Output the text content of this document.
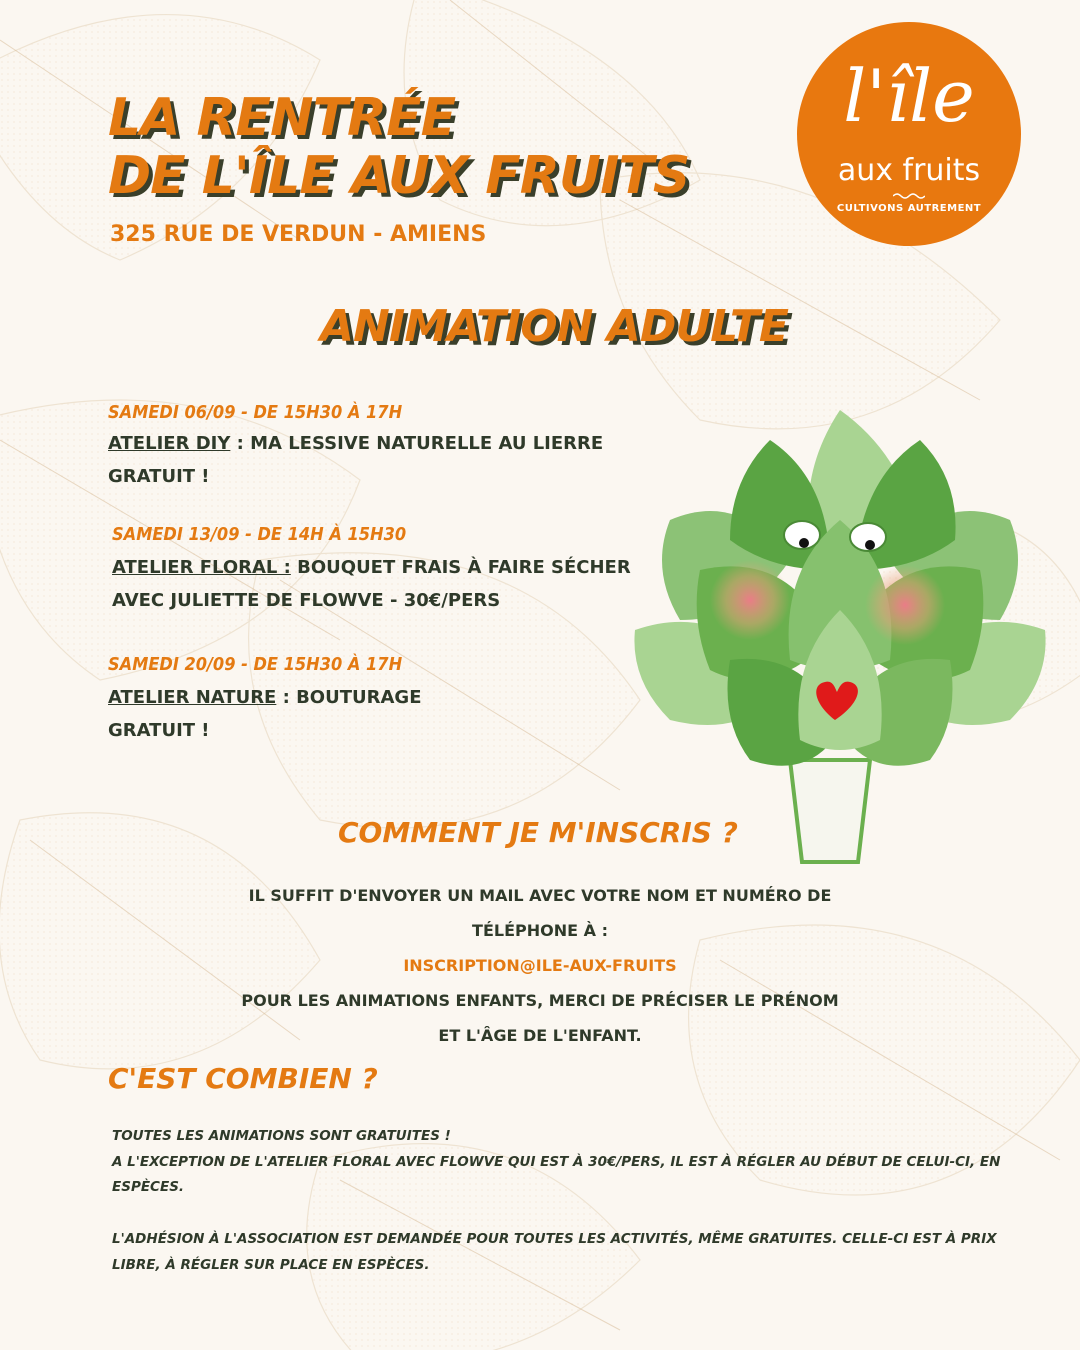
LA RENTRÉE
DE L'ÎLE AUX FRUITS
325 RUE DE VERDUN - AMIENS
l'île
aux fruits
CULTIVONS AUTREMENT
ANIMATION ADULTE
SAMEDI 06/09 - DE 15H30 À 17H
ATELIER DIY : MA LESSIVE NATURELLE AU LIERRE
GRATUIT !
SAMEDI 13/09 - DE 14H À 15H30
ATELIER FLORAL : BOUQUET FRAIS À FAIRE SÉCHER
AVEC JULIETTE DE FLOWVE - 30€/PERS
SAMEDI 20/09 - DE 15H30 À 17H
ATELIER NATURE : BOUTURAGE
GRATUIT !
COMMENT JE M'INSCRIS ?
IL SUFFIT D'ENVOYER UN MAIL AVEC VOTRE NOM ET NUMÉRO DE
TÉLÉPHONE À :
INSCRIPTION@ILE-AUX-FRUITS
POUR LES ANIMATIONS ENFANTS, MERCI DE PRÉCISER LE PRÉNOM
ET L'ÂGE DE L'ENFANT.
C'EST COMBIEN ?
TOUTES LES ANIMATIONS SONT GRATUITES !
A L'EXCEPTION DE L'ATELIER FLORAL AVEC FLOWVE QUI EST À 30€/PERS, IL EST À RÉGLER AU DÉBUT DE CELUI-CI, EN
ESPÈCES.
L'ADHÉSION À L'ASSOCIATION EST DEMANDÉE POUR TOUTES LES ACTIVITÉS, MÊME GRATUITES. CELLE-CI EST À PRIX
LIBRE, À RÉGLER SUR PLACE EN ESPÈCES.
